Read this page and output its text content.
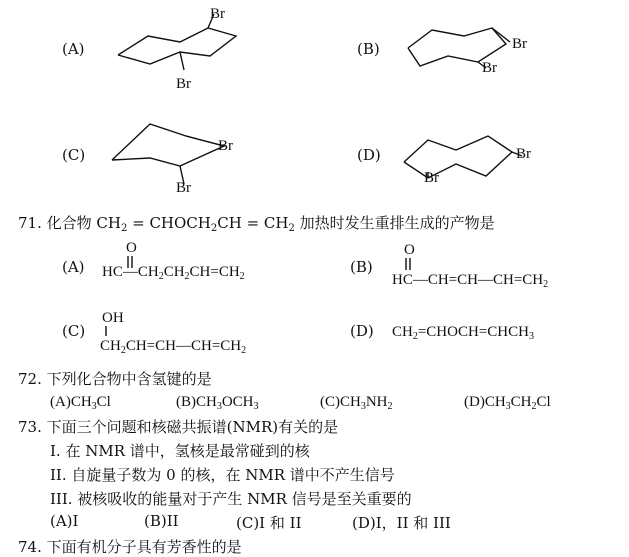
(A)	(B)
(C)	(D)
Br
Br
Br
Br
Br
Br
Br
Br
71. 化合物 $CH_2$ = $CHOCH_2CH = CH_2$ 加热时发生重排生成的产物是
(A)
O
$HC—CH_2CH_2CH=CH_2$
(B)
O
$HC—CH=CH—CH=CH_2$
(C)
OH
$CH_2CH=CH—CH=CH_2$
(D) $CH_2=CHOCH=CHCH_3$
72. 下列化合物中含氢键的是
$(A)CH_3Cl$	$(B)CH_3OCH_3$	$(C)CH_3NH_2$	$(D)CH_3CH_2Cl$
73. 下面三个问题和核磁共振谱(NMR)有关的是
I. 在 NMR 谱中，氢核是最常碰到的核
II. 自旋量子数为 0 的核，在 NMR 谱中不产生信号
III. 被核吸收的能量对于产生 NMR 信号是至关重要的
(A)I	(B)II	(C)I 和 II	(D)I，II 和 III
74. 下面有机分子具有芳香性的是
